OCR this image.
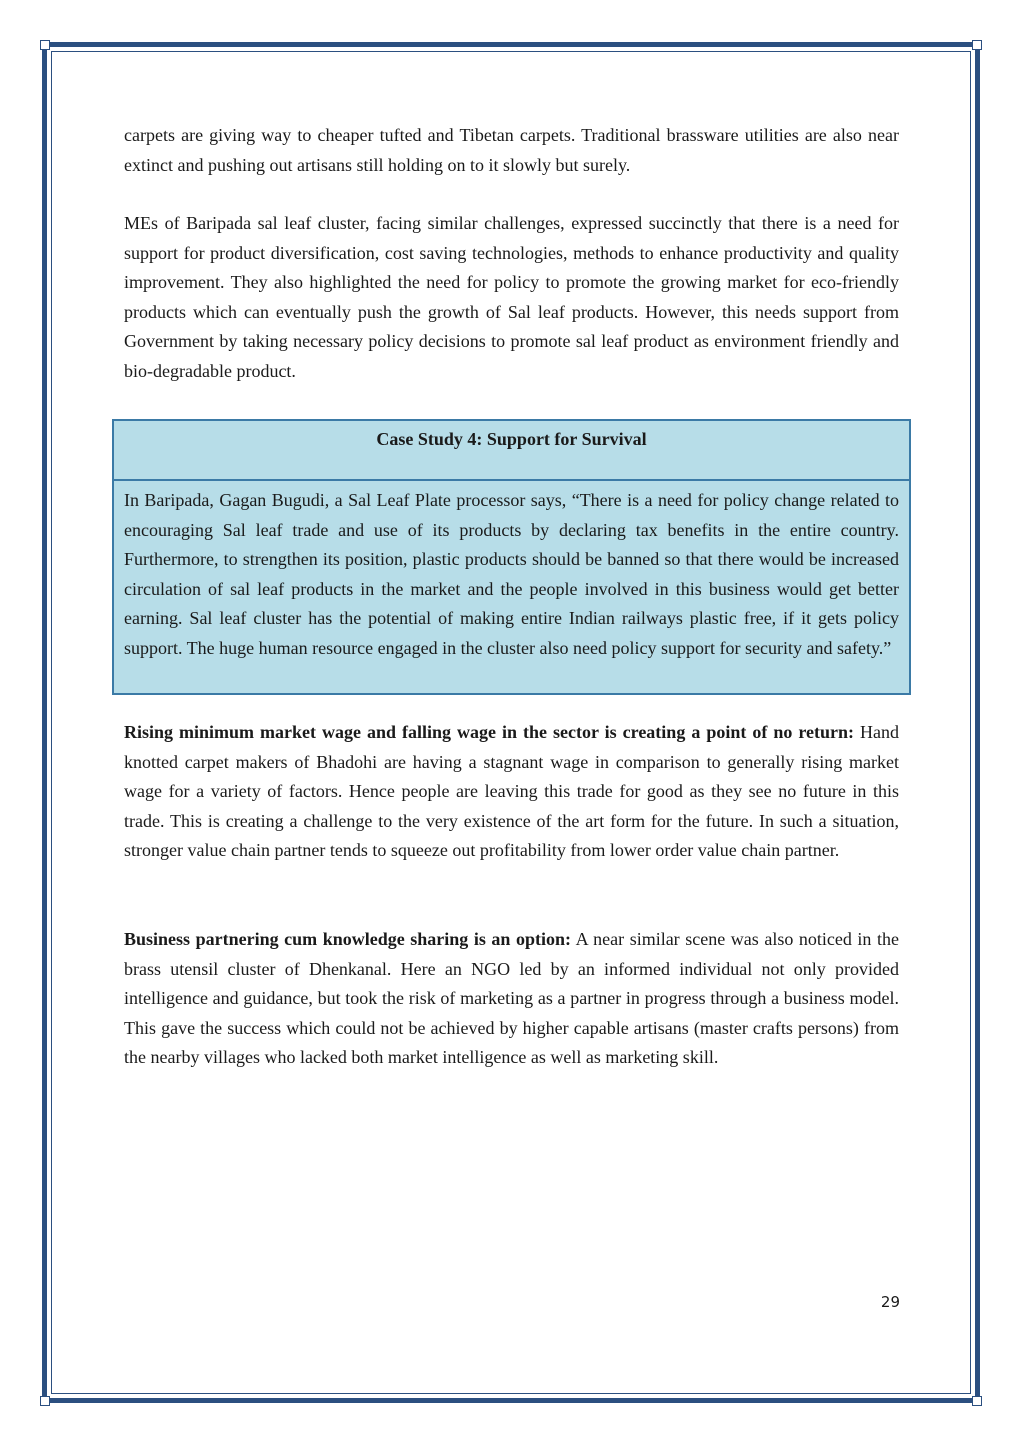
carpets are giving way to cheaper tufted and Tibetan carpets. Traditional brassware utilities are also near extinct and pushing out artisans still holding on to it slowly but surely.

MEs of Baripada sal leaf cluster, facing similar challenges, expressed succinctly that there is a need for support for product diversification, cost saving technologies, methods to enhance productivity and quality improvement. They also highlighted the need for policy to promote the growing market for eco-friendly products which can eventually push the growth of Sal leaf products. However, this needs support from Government by taking necessary policy decisions to promote sal leaf product as environment friendly and bio-degradable product.

Case Study 4: Support for Survival
In Baripada, Gagan Bugudi, a Sal Leaf Plate processor says, “There is a need for policy change related to encouraging Sal leaf trade and use of its products by declaring tax benefits in the entire country. Furthermore, to strengthen its position, plastic products should be banned so that there would be increased circulation of sal leaf products in the market and the people involved in this business would get better earning. Sal leaf cluster has the potential of making entire Indian railways plastic free, if it gets policy support. The huge human resource engaged in the cluster also need policy support for security and safety.”

Rising minimum market wage and falling wage in the sector is creating a point of no return: Hand knotted carpet makers of Bhadohi are having a stagnant wage in comparison to generally rising market wage for a variety of factors. Hence people are leaving this trade for good as they see no future in this trade. This is creating a challenge to the very existence of the art form for the future. In such a situation, stronger value chain partner tends to squeeze out profitability from lower order value chain partner.

Business partnering cum knowledge sharing is an option: A near similar scene was also noticed in the brass utensil cluster of Dhenkanal. Here an NGO led by an informed individual not only provided intelligence and guidance, but took the risk of marketing as a partner in progress through a business model. This gave the success which could not be achieved by higher capable artisans (master crafts persons) from the nearby villages who lacked both market intelligence as well as marketing skill.

29
